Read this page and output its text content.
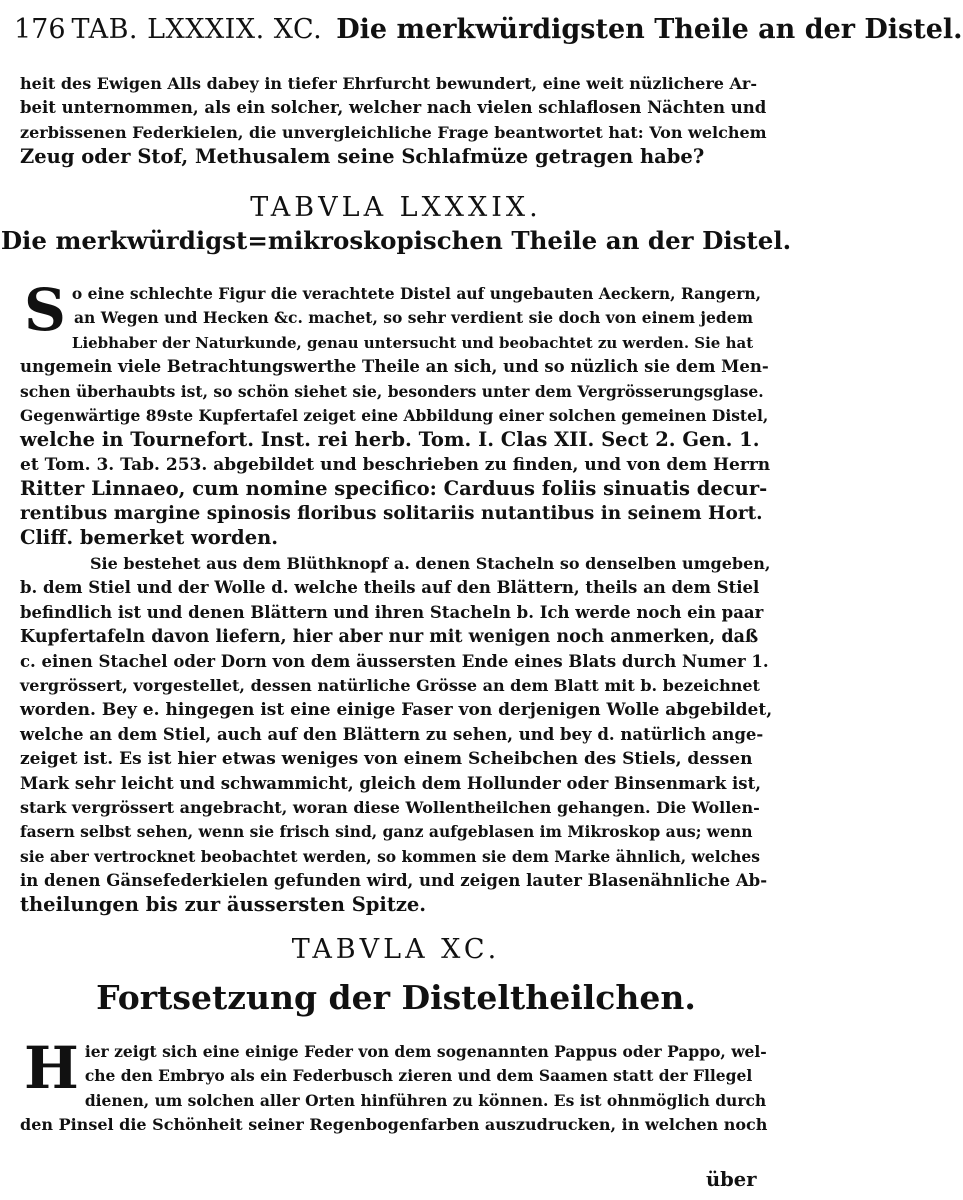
176 TAB. LXXXIX. XC. Die merkwürdigsten Theile an der Distel.
heit des Ewigen Alls dabey in tiefer Ehrfurcht bewundert, eine weit nüzlichere Ar-
beit unternommen, als ein solcher, welcher nach vielen schlaflosen Nächten und
zerbissenen Federkielen, die unvergleichliche Frage beantwortet hat: Von welchem
Zeug oder Stof, Methusalem seine Schlafmüze getragen habe?
TABVLA LXXXIX.
Die merkwürdigst=mikroskopischen Theile an der Distel.
S o eine schlechte Figur die verachtete Distel auf ungebauten Aeckern, Rangern,
an Wegen und Hecken &c. machet, so sehr verdient sie doch von einem jedem
Liebhaber der Naturkunde, genau untersucht und beobachtet zu werden. Sie hat
ungemein viele Betrachtungswerthe Theile an sich, und so nüzlich sie dem Men-
schen überhaubts ist, so schön siehet sie, besonders unter dem Vergrösserungsglase.
Gegenwärtige 89ste Kupfertafel zeiget eine Abbildung einer solchen gemeinen Distel,
welche in Tournefort. Inst. rei herb. Tom. I. Clas XII. Sect 2. Gen. 1.
et Tom. 3. Tab. 253. abgebildet und beschrieben zu finden, und von dem Herrn
Ritter Linnaeo, cum nomine specifico: Carduus foliis sinuatis decur-
rentibus margine spinosis floribus solitariis nutantibus in seinem Hort.
Cliff. bemerket worden.
Sie bestehet aus dem Blüthknopf a. denen Stacheln so denselben umgeben,
b. dem Stiel und der Wolle d. welche theils auf den Blättern, theils an dem Stiel
befindlich ist und denen Blättern und ihren Stacheln b. Ich werde noch ein paar
Kupfertafeln davon liefern, hier aber nur mit wenigen noch anmerken, daß
c. einen Stachel oder Dorn von dem äussersten Ende eines Blats durch Numer 1.
vergrössert, vorgestellet, dessen natürliche Grösse an dem Blatt mit b. bezeichnet
worden. Bey e. hingegen ist eine einige Faser von derjenigen Wolle abgebildet,
welche an dem Stiel, auch auf den Blättern zu sehen, und bey d. natürlich ange-
zeiget ist. Es ist hier etwas weniges von einem Scheibchen des Stiels, dessen
Mark sehr leicht und schwammicht, gleich dem Hollunder oder Binsenmark ist,
stark vergrössert angebracht, woran diese Wollentheilchen gehangen. Die Wollen-
fasern selbst sehen, wenn sie frisch sind, ganz aufgeblasen im Mikroskop aus; wenn
sie aber vertrocknet beobachtet werden, so kommen sie dem Marke ähnlich, welches
in denen Gänsefederkielen gefunden wird, und zeigen lauter Blasenähnliche Ab-
theilungen bis zur äussersten Spitze.
TABVLA XC.
Fortsetzung der Disteltheilchen.
H ier zeigt sich eine einige Feder von dem sogenannten Pappus oder Pappo, wel-
che den Embryo als ein Federbusch zieren und dem Saamen statt der Fllegel
dienen, um solchen aller Orten hinführen zu können. Es ist ohnmöglich durch
den Pinsel die Schönheit seiner Regenbogenfarben auszudrucken, in welchen noch
über
